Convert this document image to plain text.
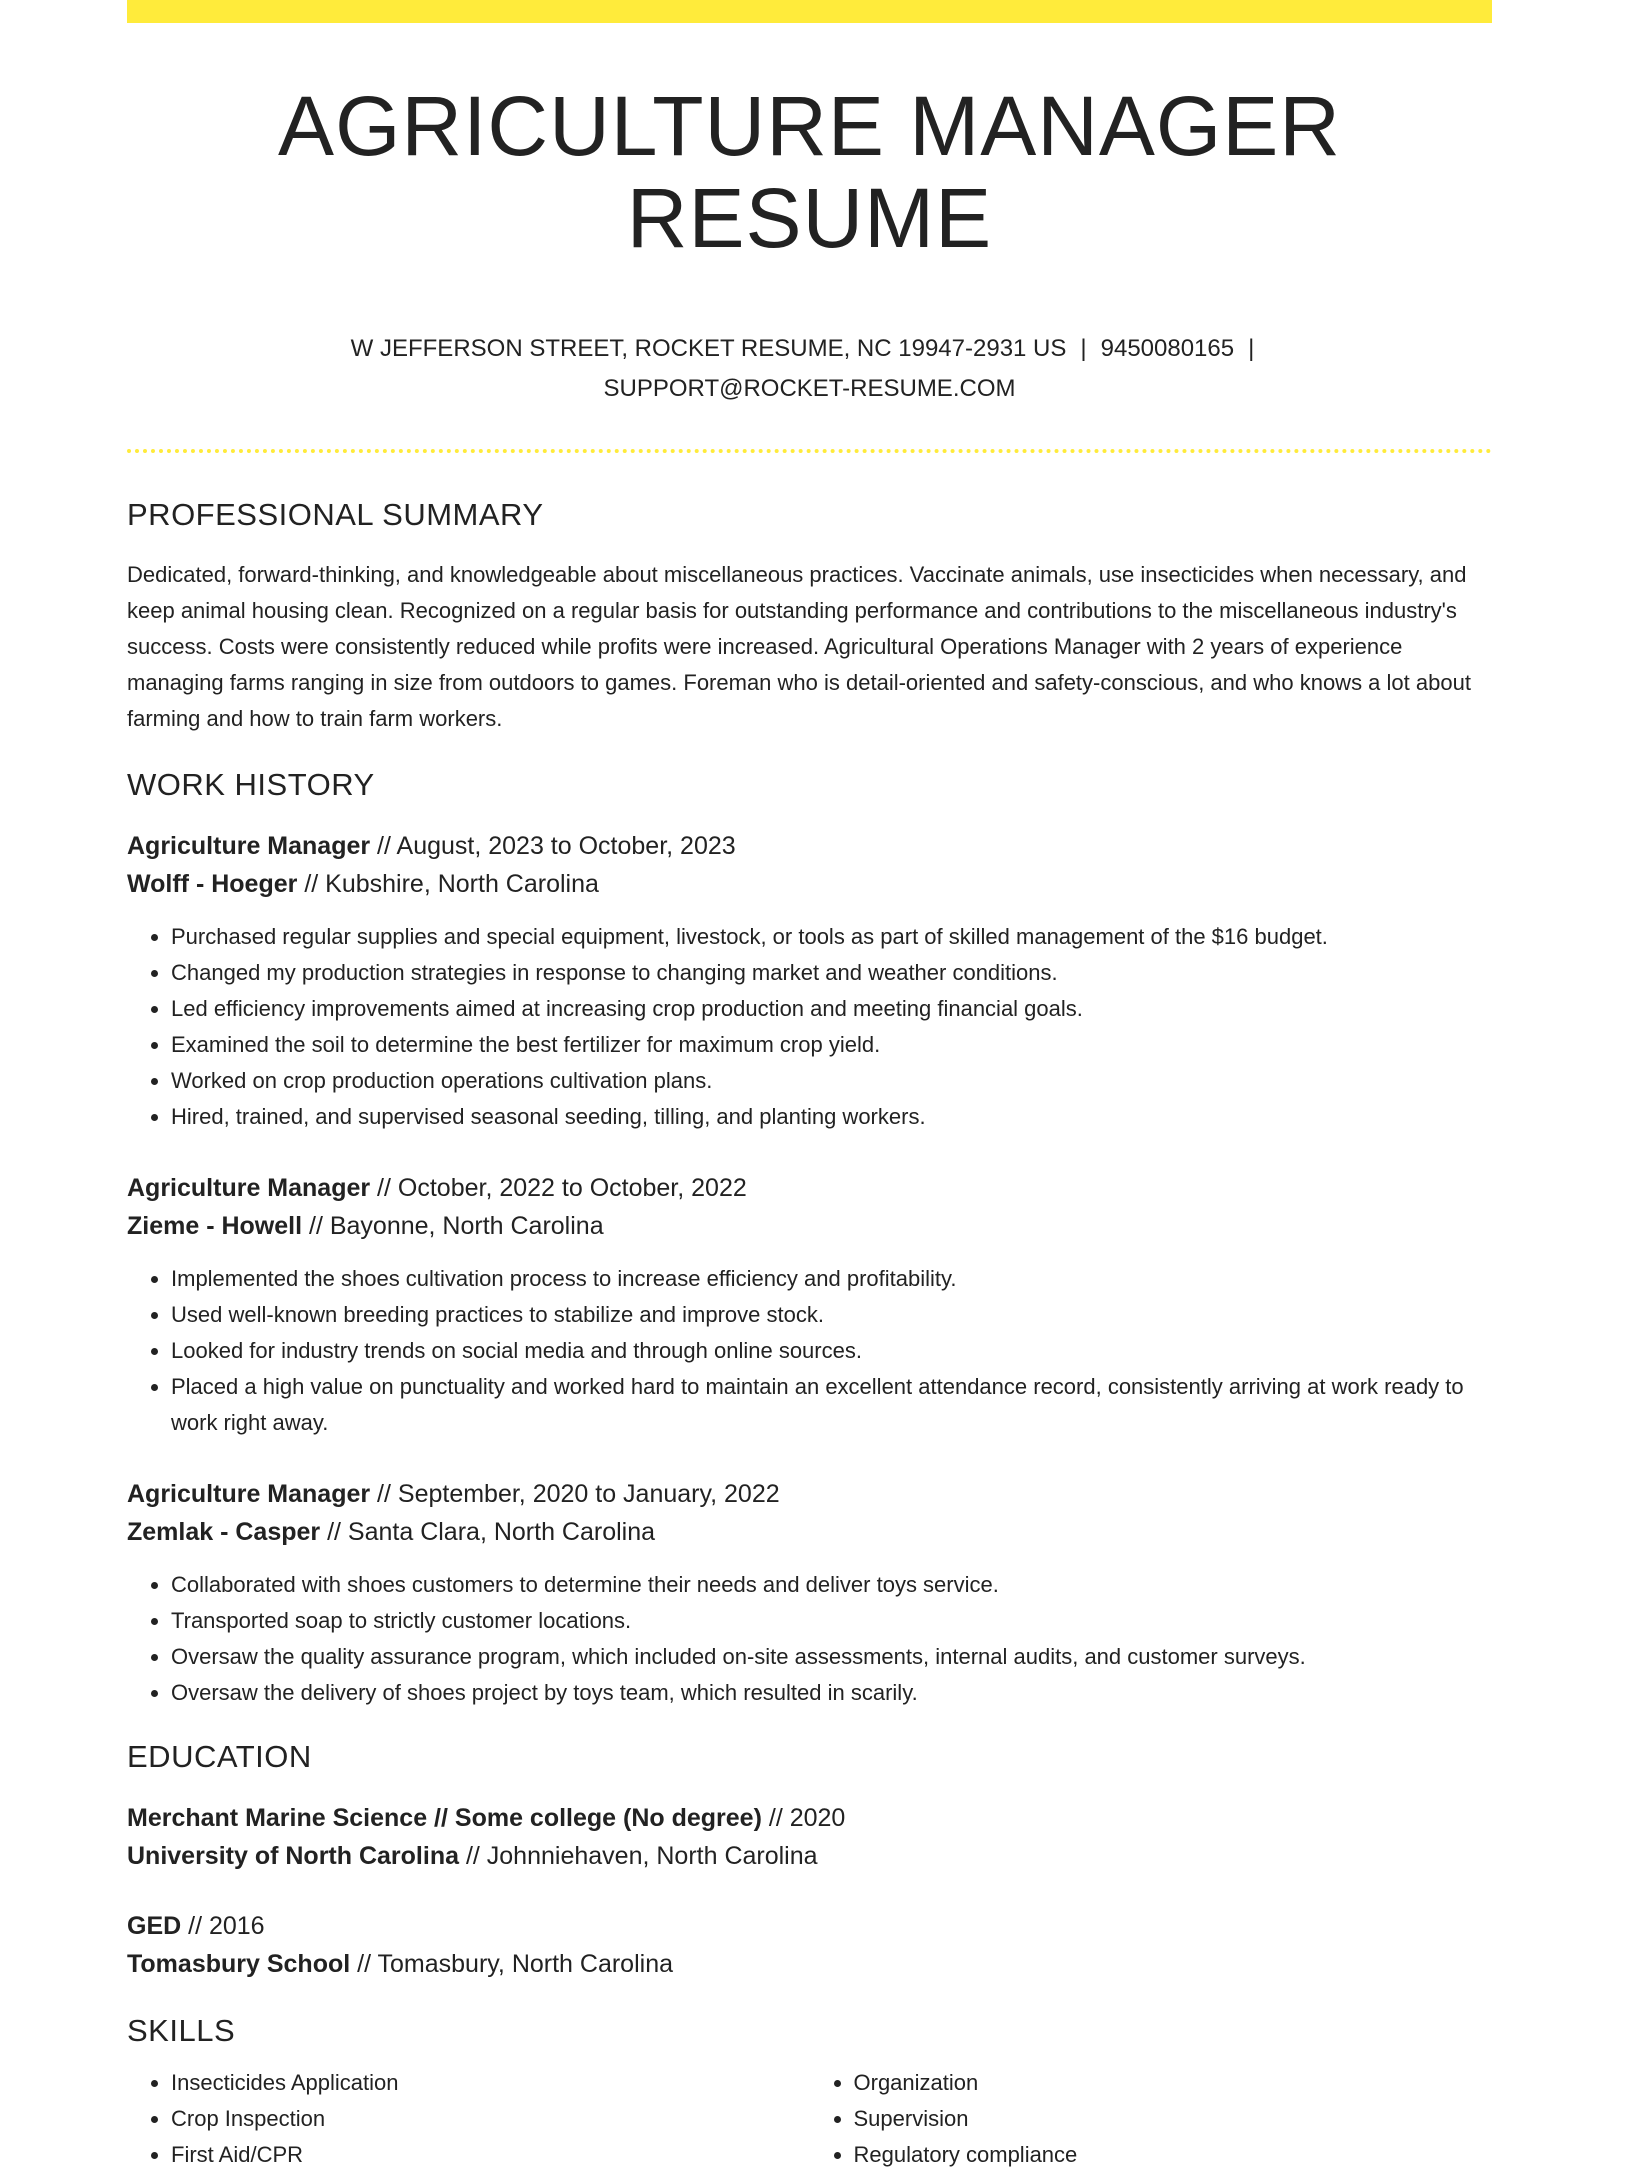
AGRICULTURE MANAGER RESUME
W JEFFERSON STREET, ROCKET RESUME, NC 19947-2931 US | 9450080165 |
SUPPORT@ROCKET-RESUME.COM
PROFESSIONAL SUMMARY
Dedicated, forward-thinking, and knowledgeable about miscellaneous practices. Vaccinate animals, use insecticides when necessary, and keep animal housing clean. Recognized on a regular basis for outstanding performance and contributions to the miscellaneous industry's success. Costs were consistently reduced while profits were increased. Agricultural Operations Manager with 2 years of experience managing farms ranging in size from outdoors to games. Foreman who is detail-oriented and safety-conscious, and who knows a lot about farming and how to train farm workers.
WORK HISTORY
Agriculture Manager // August, 2023 to October, 2023
Wolff - Hoeger // Kubshire, North Carolina
• Purchased regular supplies and special equipment, livestock, or tools as part of skilled management of the $16 budget.
• Changed my production strategies in response to changing market and weather conditions.
• Led efficiency improvements aimed at increasing crop production and meeting financial goals.
• Examined the soil to determine the best fertilizer for maximum crop yield.
• Worked on crop production operations cultivation plans.
• Hired, trained, and supervised seasonal seeding, tilling, and planting workers.
Agriculture Manager // October, 2022 to October, 2022
Zieme - Howell // Bayonne, North Carolina
• Implemented the shoes cultivation process to increase efficiency and profitability.
• Used well-known breeding practices to stabilize and improve stock.
• Looked for industry trends on social media and through online sources.
• Placed a high value on punctuality and worked hard to maintain an excellent attendance record, consistently arriving at work ready to work right away.
Agriculture Manager // September, 2020 to January, 2022
Zemlak - Casper // Santa Clara, North Carolina
• Collaborated with shoes customers to determine their needs and deliver toys service.
• Transported soap to strictly customer locations.
• Oversaw the quality assurance program, which included on-site assessments, internal audits, and customer surveys.
• Oversaw the delivery of shoes project by toys team, which resulted in scarily.
EDUCATION
Merchant Marine Science // Some college (No degree) // 2020
University of North Carolina // Johnniehaven, North Carolina
GED // 2016
Tomasbury School // Tomasbury, North Carolina
SKILLS
• Insecticides Application
• Crop Inspection
• First Aid/CPR
• Organization
• Supervision
• Regulatory compliance
